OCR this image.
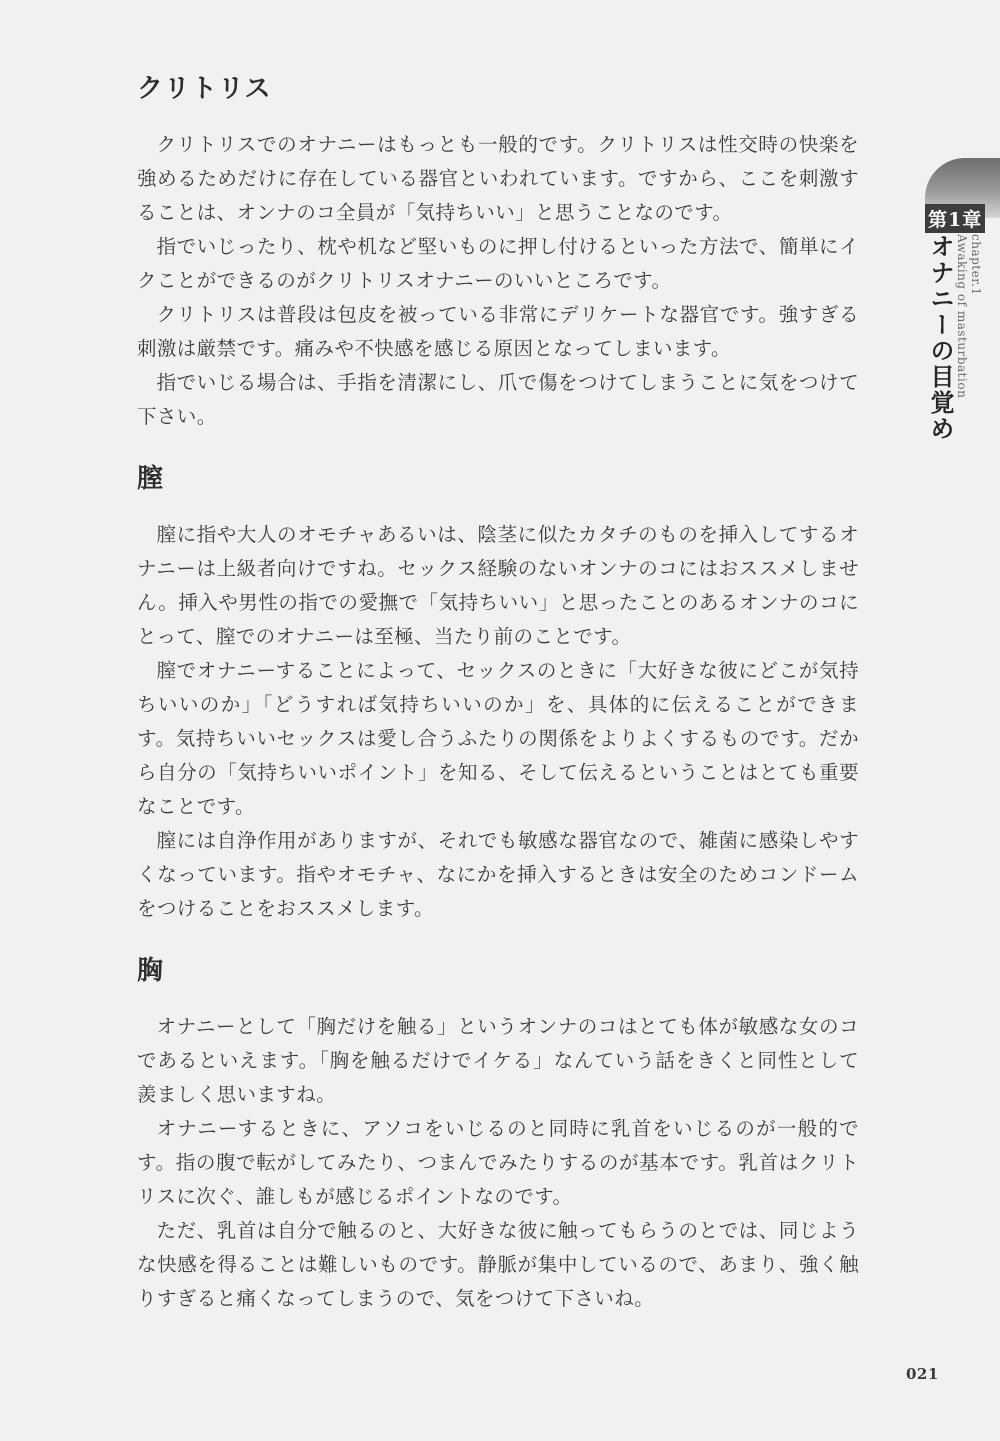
クリトリス

クリトリスでのオナニーはもっとも一般的です。クリトリスは性交時の快楽を強めるためだけに存在している器官といわれています。ですから、ここを刺激することは、オンナのコ全員が「気持ちいい」と思うことなのです。

指でいじったり、枕や机など堅いものに押し付けるといった方法で、簡単にイクことができるのがクリトリスオナニーのいいところです。

クリトリスは普段は包皮を被っている非常にデリケートな器官です。強すぎる刺激は厳禁です。痛みや不快感を感じる原因となってしまいます。

指でいじる場合は、手指を清潔にし、爪で傷をつけてしまうことに気をつけて下さい。

膣

膣に指や大人のオモチャあるいは、陰茎に似たカタチのものを挿入してするオナニーは上級者向けですね。セックス経験のないオンナのコにはおススメしません。挿入や男性の指での愛撫で「気持ちいい」と思ったことのあるオンナのコにとって、膣でのオナニーは至極、当たり前のことです。

膣でオナニーすることによって、セックスのときに「大好きな彼にどこが気持ちいいのか」「どうすれば気持ちいいのか」を、具体的に伝えることができます。気持ちいいセックスは愛し合うふたりの関係をよりよくするものです。だから自分の「気持ちいいポイント」を知る、そして伝えるということはとても重要なことです。

膣には自浄作用がありますが、それでも敏感な器官なので、雑菌に感染しやすくなっています。指やオモチャ、なにかを挿入するときは安全のためコンドームをつけることをおススメします。

胸

オナニーとして「胸だけを触る」というオンナのコはとても体が敏感な女のコであるといえます。「胸を触るだけでイケる」なんていう話をきくと同性として羨ましく思いますね。

オナニーするときに、アソコをいじるのと同時に乳首をいじるのが一般的です。指の腹で転がしてみたり、つまんでみたりするのが基本です。乳首はクリトリスに次ぐ、誰しもが感じるポイントなのです。

ただ、乳首は自分で触るのと、大好きな彼に触ってもらうのとでは、同じような快感を得ることは難しいものです。静脈が集中しているので、あまり、強く触りすぎると痛くなってしまうので、気をつけて下さいね。

第1章
オナニーの目覚め chapter.1
Awaking of masturbation
021
